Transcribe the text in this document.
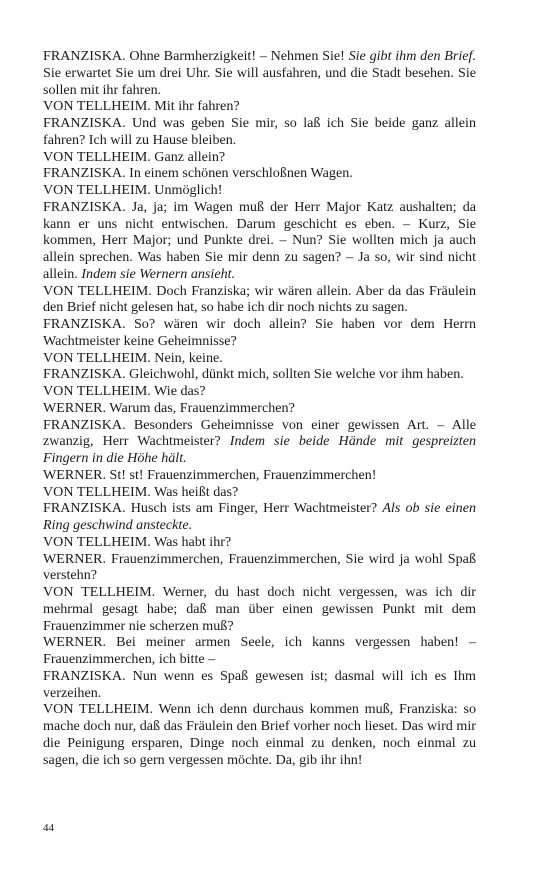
FRANZISKA. Ohne Barmherzigkeit! – Nehmen Sie! Sie gibt ihm den Brief. Sie erwartet Sie um drei Uhr. Sie will ausfahren, und die Stadt besehen. Sie sollen mit ihr fahren.

VON TELLHEIM. Mit ihr fahren?

FRANZISKA. Und was geben Sie mir, so laß ich Sie beide ganz allein fahren? Ich will zu Hause bleiben.

VON TELLHEIM. Ganz allein?

FRANZISKA. In einem schönen verschloßnen Wagen.

VON TELLHEIM. Unmöglich!

FRANZISKA. Ja, ja; im Wagen muß der Herr Major Katz aushalten; da kann er uns nicht entwischen. Darum geschicht es eben. – Kurz, Sie kommen, Herr Major; und Punkte drei. – Nun? Sie wollten mich ja auch allein sprechen. Was haben Sie mir denn zu sagen? – Ja so, wir sind nicht allein. Indem sie Wernern ansieht.

VON TELLHEIM. Doch Franziska; wir wären allein. Aber da das Fräulein den Brief nicht gelesen hat, so habe ich dir noch nichts zu sagen.

FRANZISKA. So? wären wir doch allein? Sie haben vor dem Herrn Wachtmeister keine Geheimnisse?

VON TELLHEIM. Nein, keine.

FRANZISKA. Gleichwohl, dünkt mich, sollten Sie welche vor ihm haben.

VON TELLHEIM. Wie das?

WERNER. Warum das, Frauenzimmerchen?

FRANZISKA. Besonders Geheimnisse von einer gewissen Art. – Alle zwanzig, Herr Wachtmeister? Indem sie beide Hände mit gespreizten Fingern in die Höhe hält.

WERNER. St! st! Frauenzimmerchen, Frauenzimmerchen!

VON TELLHEIM. Was heißt das?

FRANZISKA. Husch ists am Finger, Herr Wachtmeister? Als ob sie einen Ring geschwind ansteckte.

VON TELLHEIM. Was habt ihr?

WERNER. Frauenzimmerchen, Frauenzimmerchen, Sie wird ja wohl Spaß verstehn?

VON TELLHEIM. Werner, du hast doch nicht vergessen, was ich dir mehrmal gesagt habe; daß man über einen gewissen Punkt mit dem Frauenzimmer nie scherzen muß?

WERNER. Bei meiner armen Seele, ich kanns vergessen haben! – Frauenzimmerchen, ich bitte –

FRANZISKA. Nun wenn es Spaß gewesen ist; dasmal will ich es Ihm verzeihen.

VON TELLHEIM. Wenn ich denn durchaus kommen muß, Franziska: so mache doch nur, daß das Fräulein den Brief vorher noch lieset. Das wird mir die Peinigung ersparen, Dinge noch einmal zu denken, noch einmal zu sagen, die ich so gern vergessen möchte. Da, gib ihr ihn!

44
